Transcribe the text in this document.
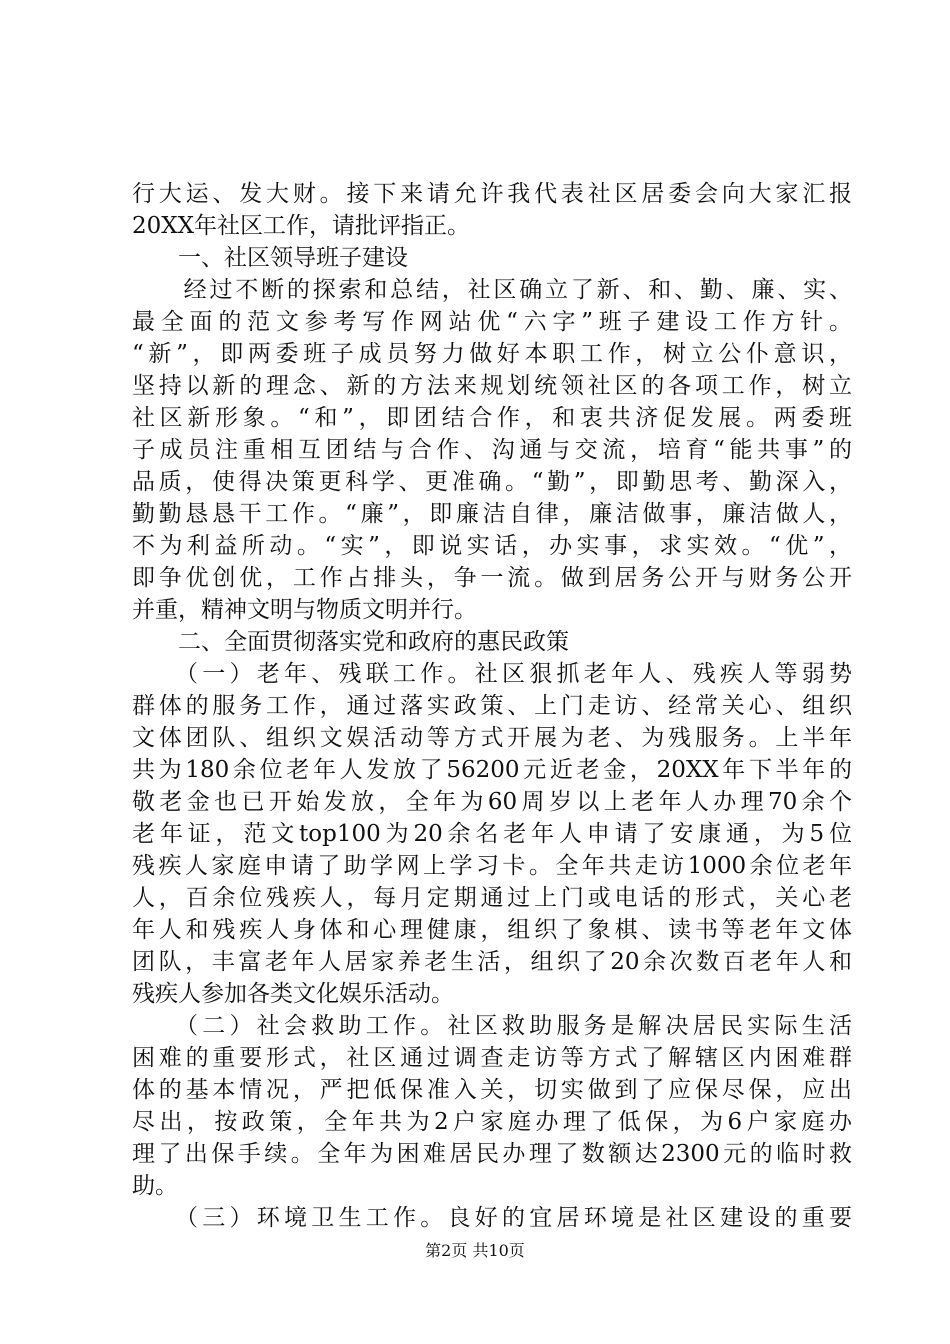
行大运、发大财。接下来请允许我代表社区居委会向大家汇报
20XX年社区工作，请批评指正。
　　一、社区领导班子建设
　　经过不断的探索和总结，社区确立了新、和、勤、廉、实、
最全面的范文参考写作网站优“六字”班子建设工作方针。
“新”，即两委班子成员努力做好本职工作，树立公仆意识，
坚持以新的理念、新的方法来规划统领社区的各项工作，树立
社区新形象。“和”，即团结合作，和衷共济促发展。两委班
子成员注重相互团结与合作、沟通与交流，培育“能共事”的
品质，使得决策更科学、更准确。“勤”，即勤思考、勤深入，
勤勤恳恳干工作。“廉”，即廉洁自律，廉洁做事，廉洁做人，
不为利益所动。“实”，即说实话，办实事，求实效。“优”，
即争优创优，工作占排头，争一流。做到居务公开与财务公开
并重，精神文明与物质文明并行。
　　二、全面贯彻落实党和政府的惠民政策
　　（一）老年、残联工作。社区狠抓老年人、残疾人等弱势
群体的服务工作，通过落实政策、上门走访、经常关心、组织
文体团队、组织文娱活动等方式开展为老、为残服务。上半年
共为180余位老年人发放了56200元近老金，20XX年下半年的
敬老金也已开始发放，全年为60周岁以上老年人办理70余个
老年证，范文top100为20余名老年人申请了安康通，为5位
残疾人家庭申请了助学网上学习卡。全年共走访1000余位老年
人，百余位残疾人，每月定期通过上门或电话的形式，关心老
年人和残疾人身体和心理健康，组织了象棋、读书等老年文体
团队，丰富老年人居家养老生活，组织了20余次数百老年人和
残疾人参加各类文化娱乐活动。
　　（二）社会救助工作。社区救助服务是解决居民实际生活
困难的重要形式，社区通过调查走访等方式了解辖区内困难群
体的基本情况，严把低保准入关，切实做到了应保尽保，应出
尽出，按政策，全年共为2户家庭办理了低保，为6户家庭办
理了出保手续。全年为困难居民办理了数额达2300元的临时救
助。
　　（三）环境卫生工作。良好的宜居环境是社区建设的重要
第2页 共10页
